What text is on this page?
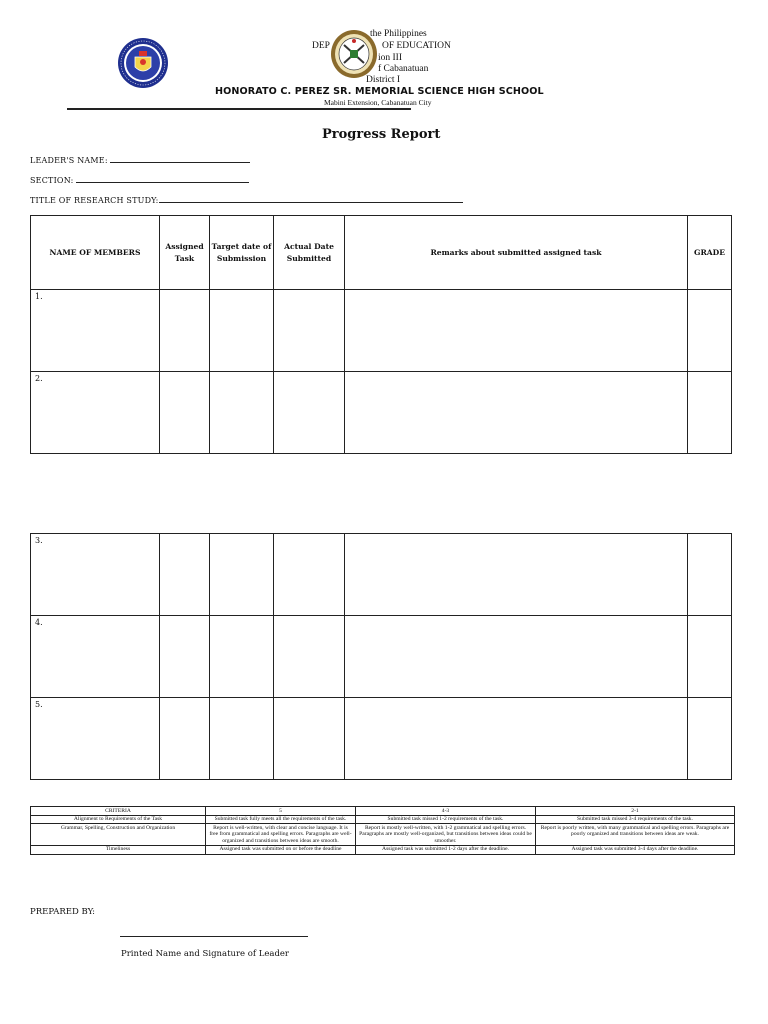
the Philippines
DEP	OF EDUCATION
ion III
f Cabanatuan
District I
HONORATO C. PEREZ SR. MEMORIAL SCIENCE HIGH SCHOOL
Mabini Extension, Cabanatuan City
Progress Report
LEADER'S NAME:
SECTION:
TITLE OF RESEARCH STUDY:
NAME OF MEMBERS	Assigned Task	Target date of Submission	Actual Date Submitted	Remarks about submitted assigned task	GRADE

1.					

2.					

3.					

4.					

5.					

CRITERIA	5	4-3	2-1
Alignment to Requirements of the Task	Submitted task fully meets all the requirements of the task.	Submitted task missed 1-2 requirements of the task.	Submitted task missed 3-4 requirements of the task.
Grammar, Spelling, Construction and Organization	Report is well-written, with clear and concise language. It is free from grammatical and spelling errors. Paragraphs are well-organized and transitions between ideas are smooth.	Report is mostly well-written, with 1-2 grammatical and spelling errors. Paragraphs are mostly well-organized, but transitions between ideas could be smoother.	Report is poorly written, with many grammatical and spelling errors. Paragraphs are poorly organized and transitions between ideas are weak.
Timeliness	Assigned task was submitted on or before the deadline	Assigned task was submitted 1-2 days after the deadline.	Assigned task was submitted 3-4 days after the deadline.
PREPARED BY:
Printed Name and Signature of Leader
